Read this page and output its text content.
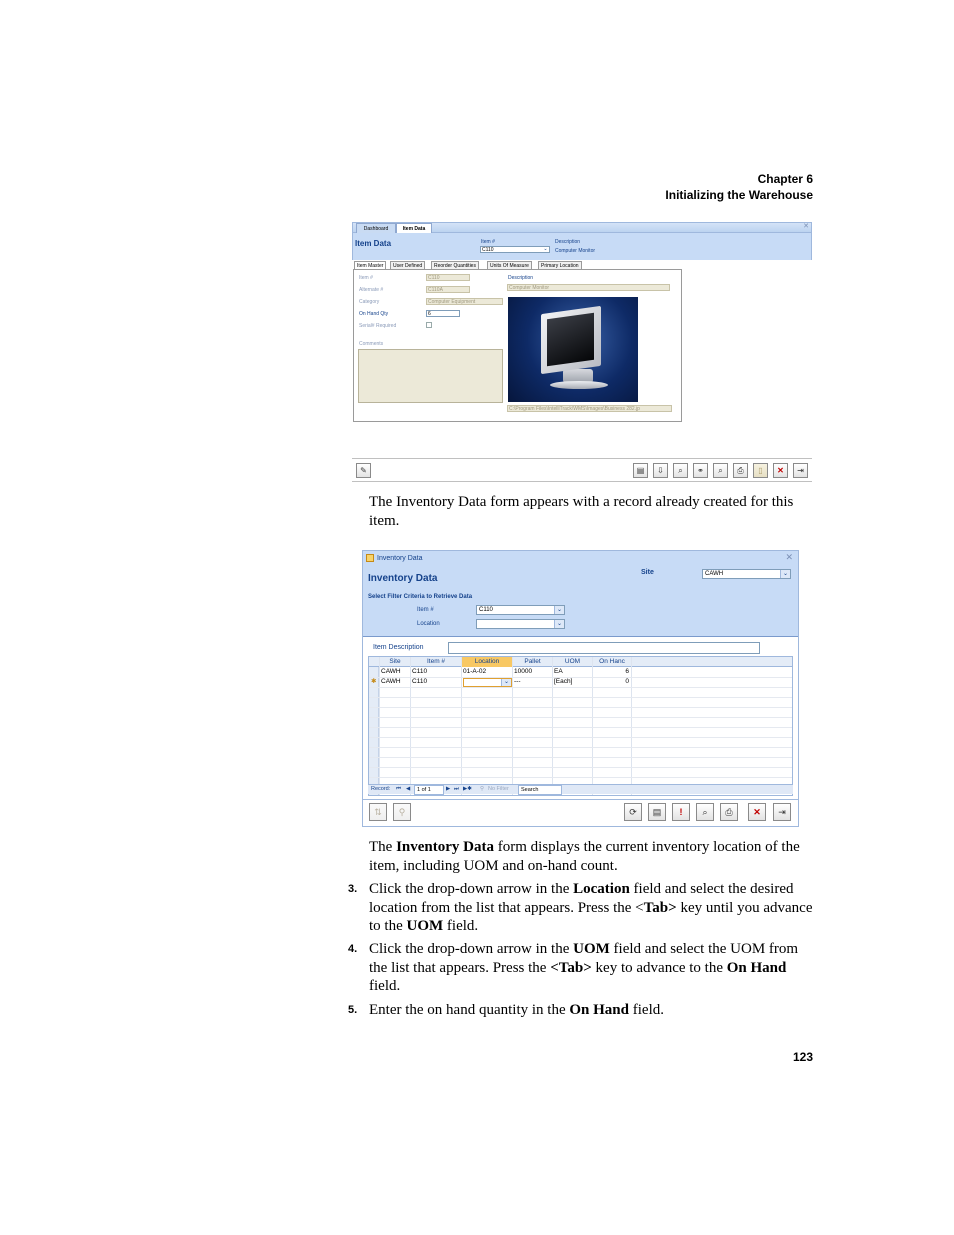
Chapter 6
Initializing the Warehouse
Dashboard	Item Data	✕
Item Data	Item #
C110	⌄
Description
Computer Monitor
Item Master	User Defined	Reorder Quantities	Units Of Measure	Primary Location
Item #	C110
Alternate #	C110A
Category	Computer Equipment
On Hand Qty	6
Serial# Required
Comments
Description
Computer Monitor
C:\Program Files\IntelliTrack\WMS\Images\Business 282.jp
✎	▤	⇩	⌕	⚭	⌕	⎙	▯	✕	⇥
The Inventory Data form appears with a record already created for this item.
Inventory Data	✕
Inventory Data
Site	CAWH	⌄
Select Filter Criteria to Retrieve Data
Item #	C110	⌄
Location	⌄
Item Description
Site	Item #	Location	Pallet	UOM	On Hanc
CAWH C110	01-A-02	10000	EA	6
✱ CAWH C110	⌄ ---	[Each]	0
Record: ⏮ ◀	1 of 1	▶ ⏭ ▶✱ ⚲ No Filter	Search
⇅	⚲	⟳	▤	!	⌕	⎙	✕	⇥
The Inventory Data form displays the current inventory location of the item, including UOM and on-hand count.
3. Click the drop-down arrow in the Location field and select the desired location from the list that appears. Press the <Tab> key until you advance to the UOM field.
4. Click the drop-down arrow in the UOM field and select the UOM from the list that appears. Press the <Tab> key to advance to the On Hand field.
5. Enter the on hand quantity in the On Hand field.
123
